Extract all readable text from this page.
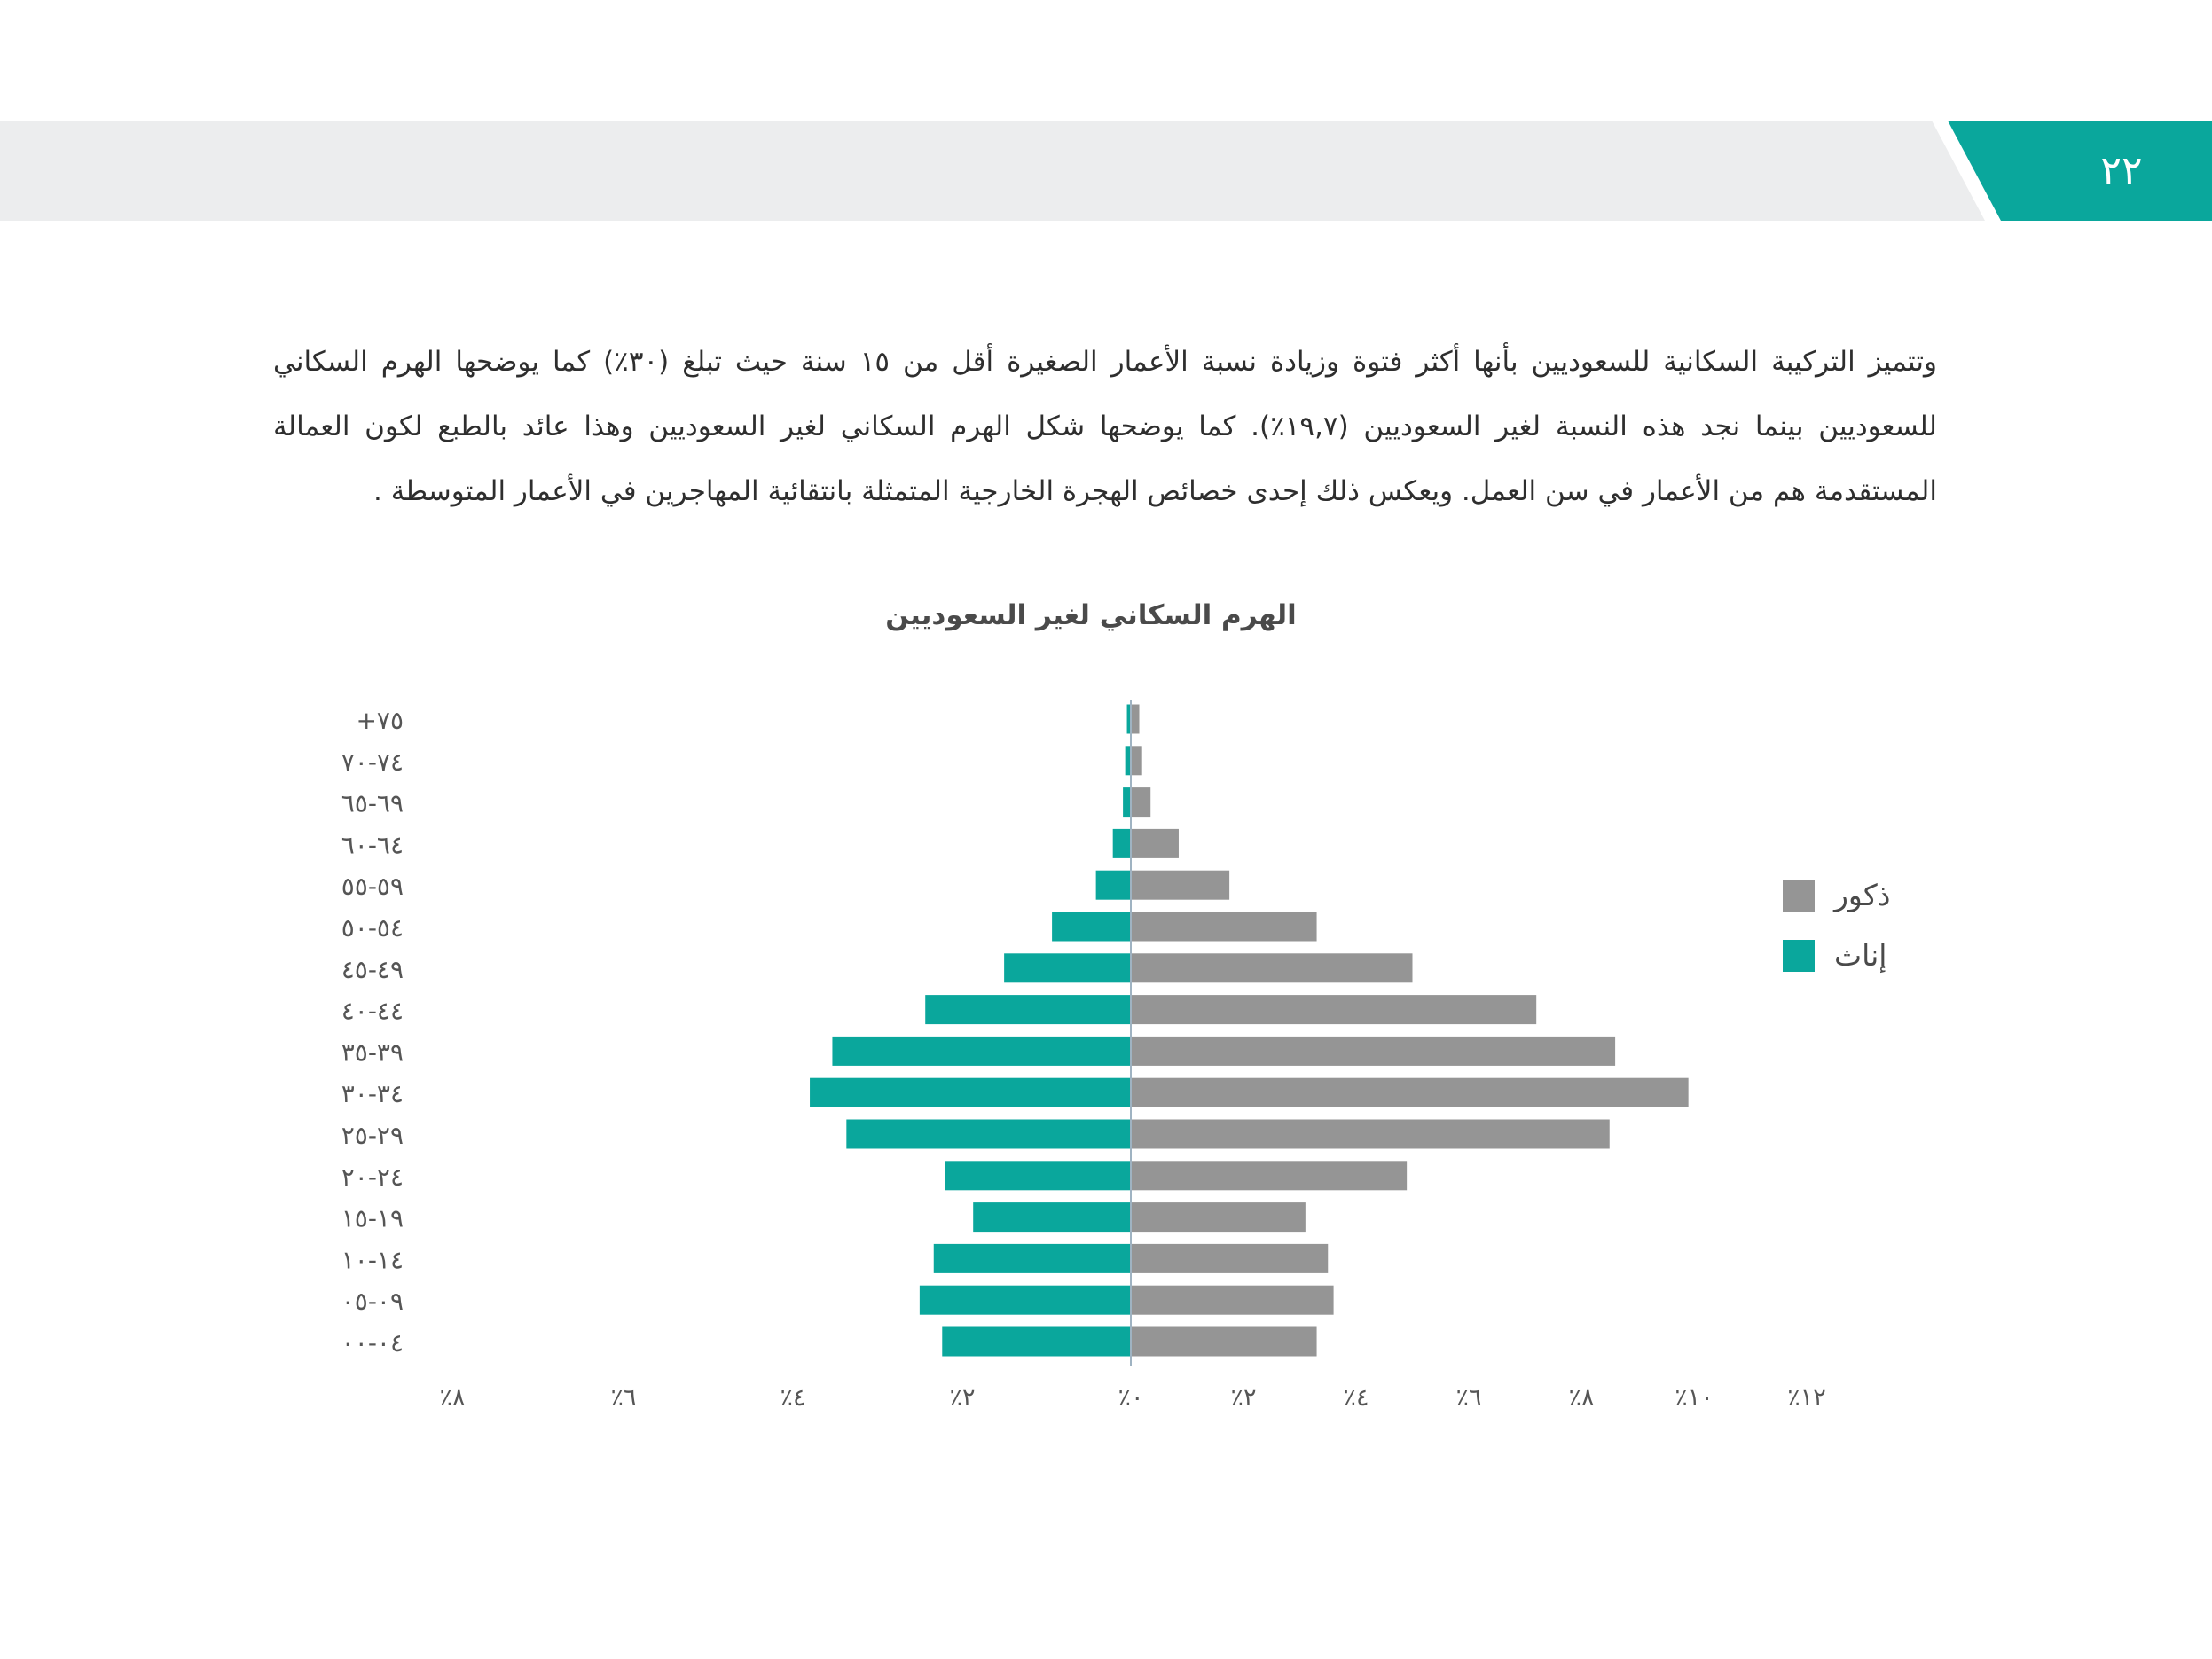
٢٢
وتتميز التركيبة السكانية للسعوديين بأنها أكثر فتوة وزيادة نسبة الأعمار الصغيرة أقل من ١٥ سنة حيث تبلغ (٣٠٪) كما يوضحها الهرم السكاني للسعوديين بينما نجد هذه النسبة لغير السعوديين (١٩,٧٪). كما يوضحها شكل الهرم السكاني لغير السعوديين وهذا عائد بالطبع لكون العمالة المستقدمة هم من الأعمار في سن العمل. ويعكس ذلك إحدى خصائص الهجرة الخارجية المتمثلة بانتقائية المهاجرين في الأعمار المتوسطة .
الهرم السكاني لغير السعوديين
٠٠-٠٤
٠٥-٠٩
١٠-١٤
١٥-١٩
٢٠-٢٤
٢٥-٢٩
٣٠-٣٤
٣٥-٣٩
٤٠-٤٤
٤٥-٤٩
٥٠-٥٤
٥٥-٥٩
٦٠-٦٤
٦٥-٦٩
٧٠-٧٤
+٧٥
٪٨	٪٦	٪٤	٪٢	٪٠	٪٢	٪٤	٪٦	٪٨	٪١٠	٪١٢
ذكور
إناث
